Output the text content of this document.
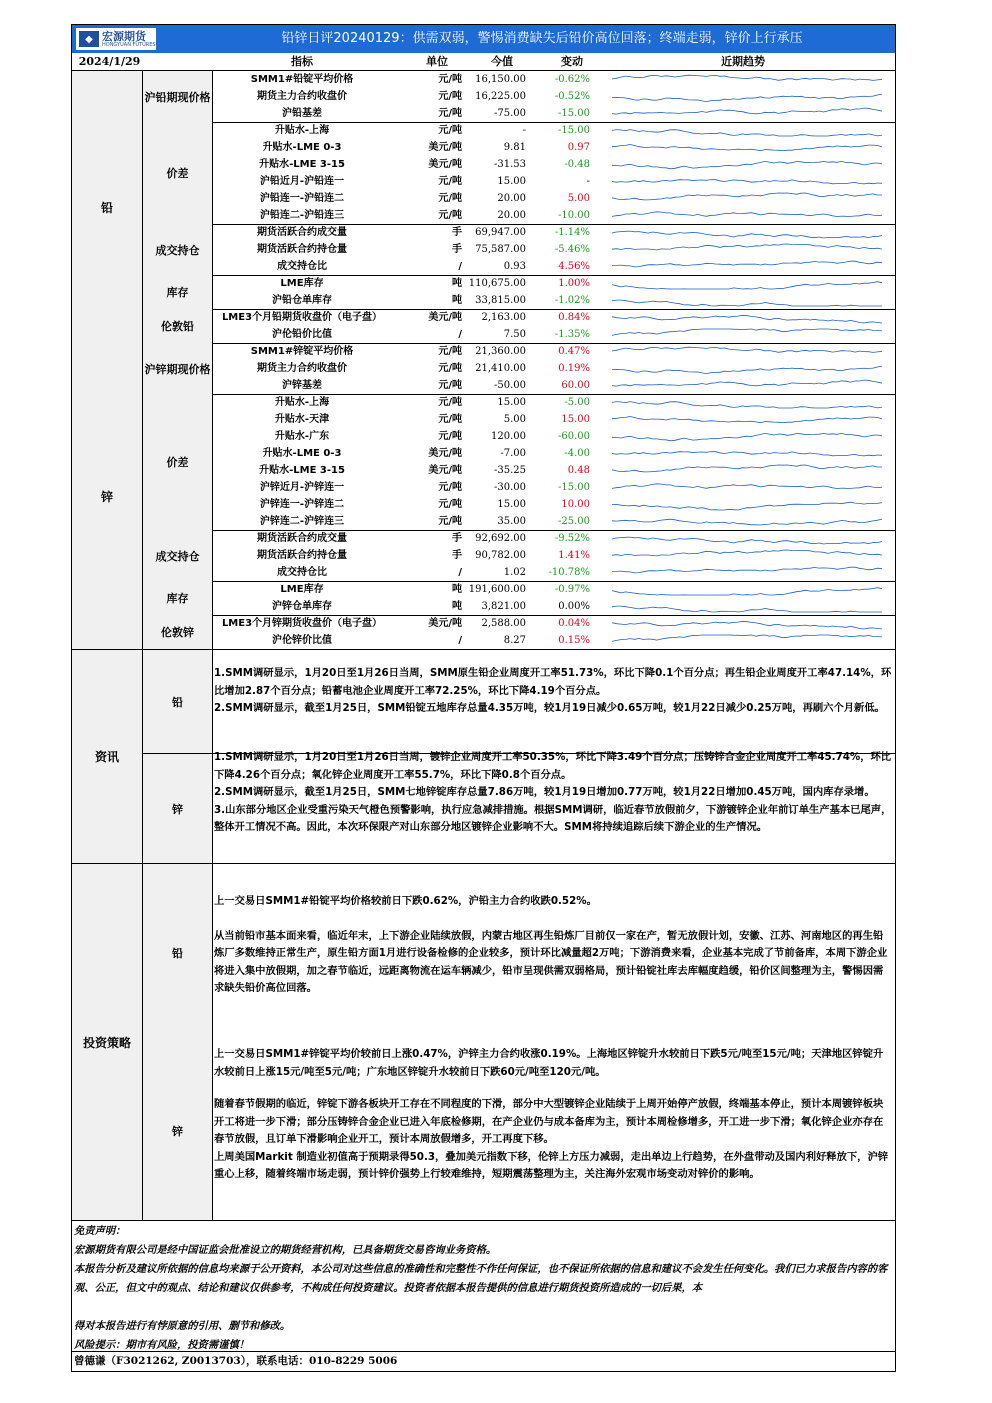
◆ 宏源期货
HONGYUAN FUTURES	铅锌日评20240129：供需双弱，警惕消费缺失后铅价高位回落；终端走弱，锌价上行承压
2024/1/29	指标	单位	今值	变动	近期趋势
铅
沪铅期现价格
SMM1#铅锭平均价格	元/吨	16,150.00	-0.62%
期货主力合约收盘价	元/吨	16,225.00	-0.52%
沪铅基差	元/吨	-75.00	-15.00
价差
升贴水-上海	元/吨	-	-15.00
升贴水-LME 0-3	美元/吨	9.81	0.97
升贴水-LME 3-15	美元/吨	-31.53	-0.48
沪铅近月-沪铅连一	元/吨	15.00	-
沪铅连一-沪铅连二	元/吨	20.00	5.00
沪铅连二-沪铅连三	元/吨	20.00	-10.00
成交持仓
期货活跃合约成交量	手	69,947.00	-1.14%
期货活跃合约持仓量	手	75,587.00	-5.46%
成交持仓比	/	0.93	4.56%
库存
LME库存	吨 110,675.00	1.00%
沪铅仓单库存	吨	33,815.00	-1.02%
伦敦铅
LME3个月铅期货收盘价（电子盘）	美元/吨	2,163.00	0.84%
沪伦铅价比值	/	7.50	-1.35%
锌
沪锌期现价格
SMM1#锌锭平均价格	元/吨	21,360.00	0.47%
期货主力合约收盘价	元/吨	21,410.00	0.19%
沪锌基差	元/吨	-50.00	60.00
价差
升贴水-上海	元/吨	15.00	-5.00
升贴水-天津	元/吨	5.00	15.00
升贴水-广东	元/吨	120.00	-60.00
升贴水-LME 0-3	美元/吨	-7.00	-4.00
升贴水-LME 3-15	美元/吨	-35.25	0.48
沪锌近月-沪锌连一	元/吨	-30.00	-15.00
沪锌连一-沪锌连二	元/吨	15.00	10.00
沪锌连二-沪锌连三	元/吨	35.00	-25.00
成交持仓
期货活跃合约成交量	手	92,692.00	-9.52%
期货活跃合约持仓量	手	90,782.00	1.41%
成交持仓比	/	1.02	-10.78%
库存
LME库存	吨 191,600.00	-0.97%
沪锌仓单库存	吨	3,821.00	0.00%
伦敦锌
LME3个月锌期货收盘价（电子盘）	美元/吨	2,588.00	0.04%
沪伦锌价比值	/	8.27	0.15%
资讯
铅
1.SMM调研显示，1月20日至1月26日当周，SMM原生铅企业周度开工率51.73%，环比下降0.1个百分点；再生铅企业周度开工率47.14%，环比增加2.87个百分点；铅蓄电池企业周度开工率72.25%，环比下降4.19个百分点。
2.SMM调研显示，截至1月25日，SMM铅锭五地库存总量4.35万吨，较1月19日减少0.65万吨，较1月22日减少0.25万吨，再刷六个月新低。
锌
1.SMM调研显示，1月20日至1月26日当周，镀锌企业周度开工率50.35%，环比下降3.49个百分点；压铸锌合金企业周度开工率45.74%，环比下降4.26个百分点；氧化锌企业周度开工率55.7%，环比下降0.8个百分点。
2.SMM调研显示，截至1月25日，SMM七地锌锭库存总量7.86万吨，较1月19日增加0.77万吨，较1月22日增加0.45万吨，国内库存录增。
3.山东部分地区企业受重污染天气橙色预警影响，执行应急减排措施。根据SMM调研，临近春节放假前夕，下游镀锌企业年前订单生产基本已尾声，整体开工情况不高。因此，本次环保限产对山东部分地区镀锌企业影响不大。SMM将持续追踪后续下游企业的生产情况。
投资策略
铅
锌

上一交易日SMM1#铅锭平均价格较前日下跌0.62%，沪铅主力合约收跌0.52%。

从当前铅市基本面来看，临近年末，上下游企业陆续放假，内蒙古地区再生铅炼厂目前仅一家在产，暂无放假计划，安徽、江苏、河南地区的再生铅炼厂多数维持正常生产，原生铅方面1月进行设备检修的企业较多，预计环比减量超2万吨；下游消费来看，企业基本完成了节前备库，本周下游企业将进入集中放假期，加之春节临近，远距离物流在运车辆减少，铅市呈现供需双弱格局，预计铅锭社库去库幅度趋缓，铅价区间整理为主，警惕因需求缺失铅价高位回落。

上一交易日SMM1#锌锭平均价较前日上涨0.47%，沪锌主力合约收涨0.19%。上海地区锌锭升水较前日下跌5元/吨至15元/吨；天津地区锌锭升水较前日上涨15元/吨至5元/吨；广东地区锌锭升水较前日下跌60元/吨至120元/吨。

随着春节假期的临近，锌锭下游各板块开工存在不同程度的下滑，部分中大型镀锌企业陆续于上周开始停产放假，终端基本停止，预计本周镀锌板块开工将进一步下滑；部分压铸锌合金企业已进入年底检修期，在产企业仍与成本备库为主，预计本周检修增多，开工进一步下滑；氧化锌企业亦存在春节放假，且订单下滑影响企业开工，预计本周放假增多，开工再度下移。
上周美国Markit 制造业初值高于预期录得50.3，叠加美元指数下移，伦锌上方压力减弱，走出单边上行趋势，在外盘带动及国内利好释放下，沪锌重心上移，随着终端市场走弱，预计锌价强势上行较难维持，短期震荡整理为主，关注海外宏观市场变动对锌价的影响。

免责声明：
宏源期货有限公司是经中国证监会批准设立的期货经营机构，已具备期货交易咨询业务资格。
本报告分析及建议所依据的信息均来源于公开资料，本公司对这些信息的准确性和完整性不作任何保证，也不保证所依据的信息和建议不会发生任何变化。我们已力求报告内容的客观、公正，但文中的观点、结论和建议仅供参考，不构成任何投资建议。投资者依据本报告提供的信息进行期货投资所造成的一切后果，本
得对本报告进行有悖原意的引用、删节和修改。
风险提示：期市有风险，投资需谨慎！
曾德谦（F3021262, Z0013703），联系电话：010-8229 5006
